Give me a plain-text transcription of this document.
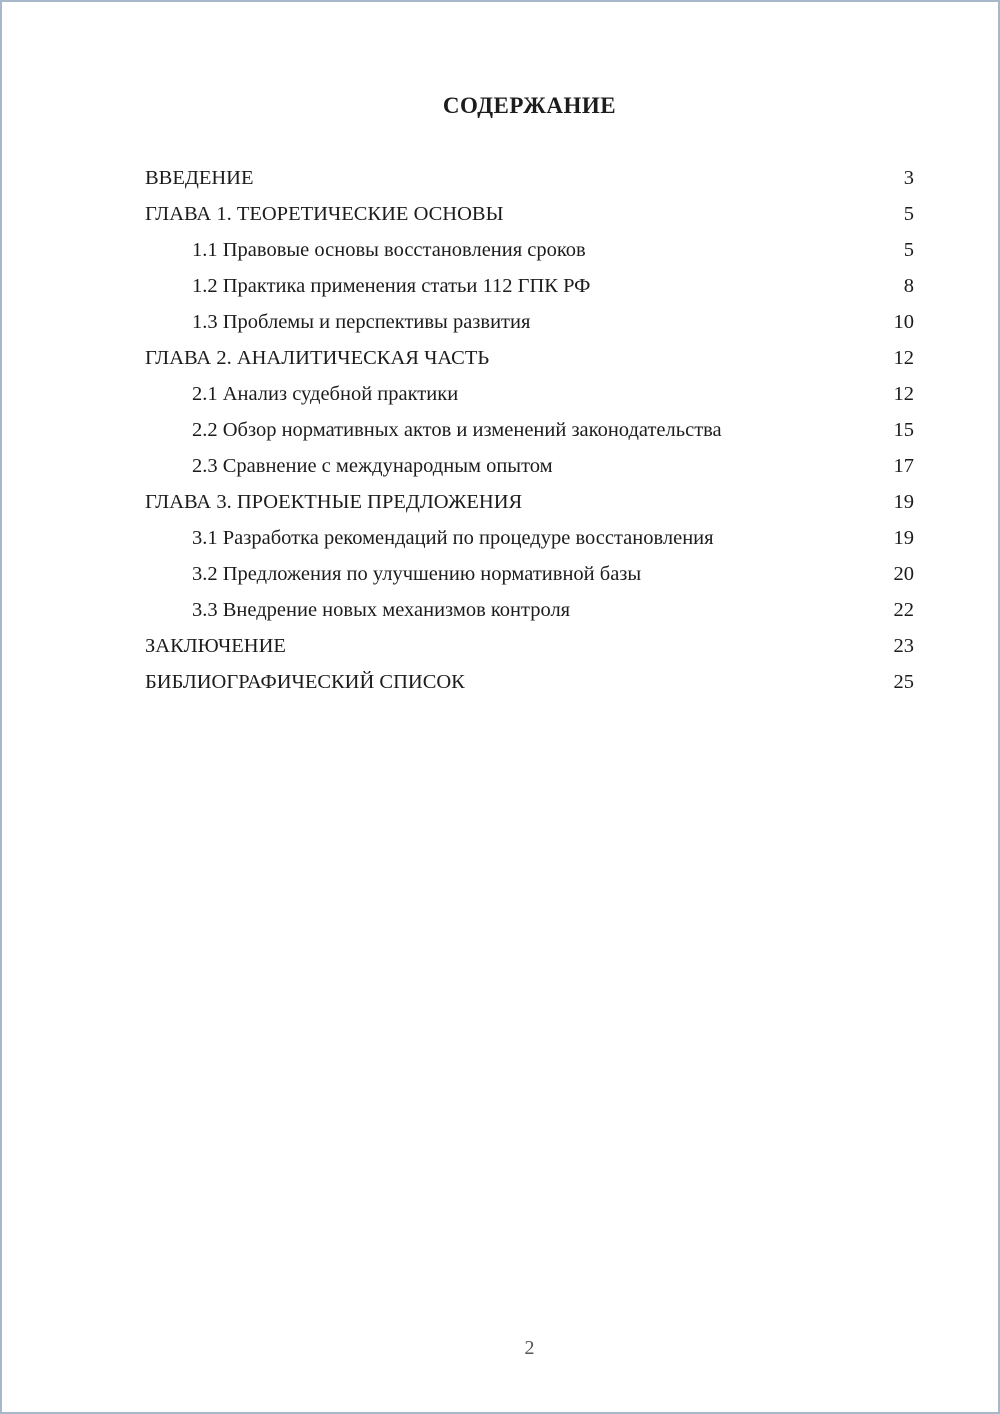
СОДЕРЖАНИЕ
ВВЕДЕНИЕ	3
ГЛАВА 1. ТЕОРЕТИЧЕСКИЕ ОСНОВЫ	5
1.1 Правовые основы восстановления сроков	5
1.2 Практика применения статьи 112 ГПК РФ	8
1.3 Проблемы и перспективы развития	10
ГЛАВА 2. АНАЛИТИЧЕСКАЯ ЧАСТЬ	12
2.1 Анализ судебной практики	12
2.2 Обзор нормативных актов и изменений законодательства	15
2.3 Сравнение с международным опытом	17
ГЛАВА 3. ПРОЕКТНЫЕ ПРЕДЛОЖЕНИЯ	19
3.1 Разработка рекомендаций по процедуре восстановления	19
3.2 Предложения по улучшению нормативной базы	20
3.3 Внедрение новых механизмов контроля	22
ЗАКЛЮЧЕНИЕ	23
БИБЛИОГРАФИЧЕСКИЙ СПИСОК	25
2
